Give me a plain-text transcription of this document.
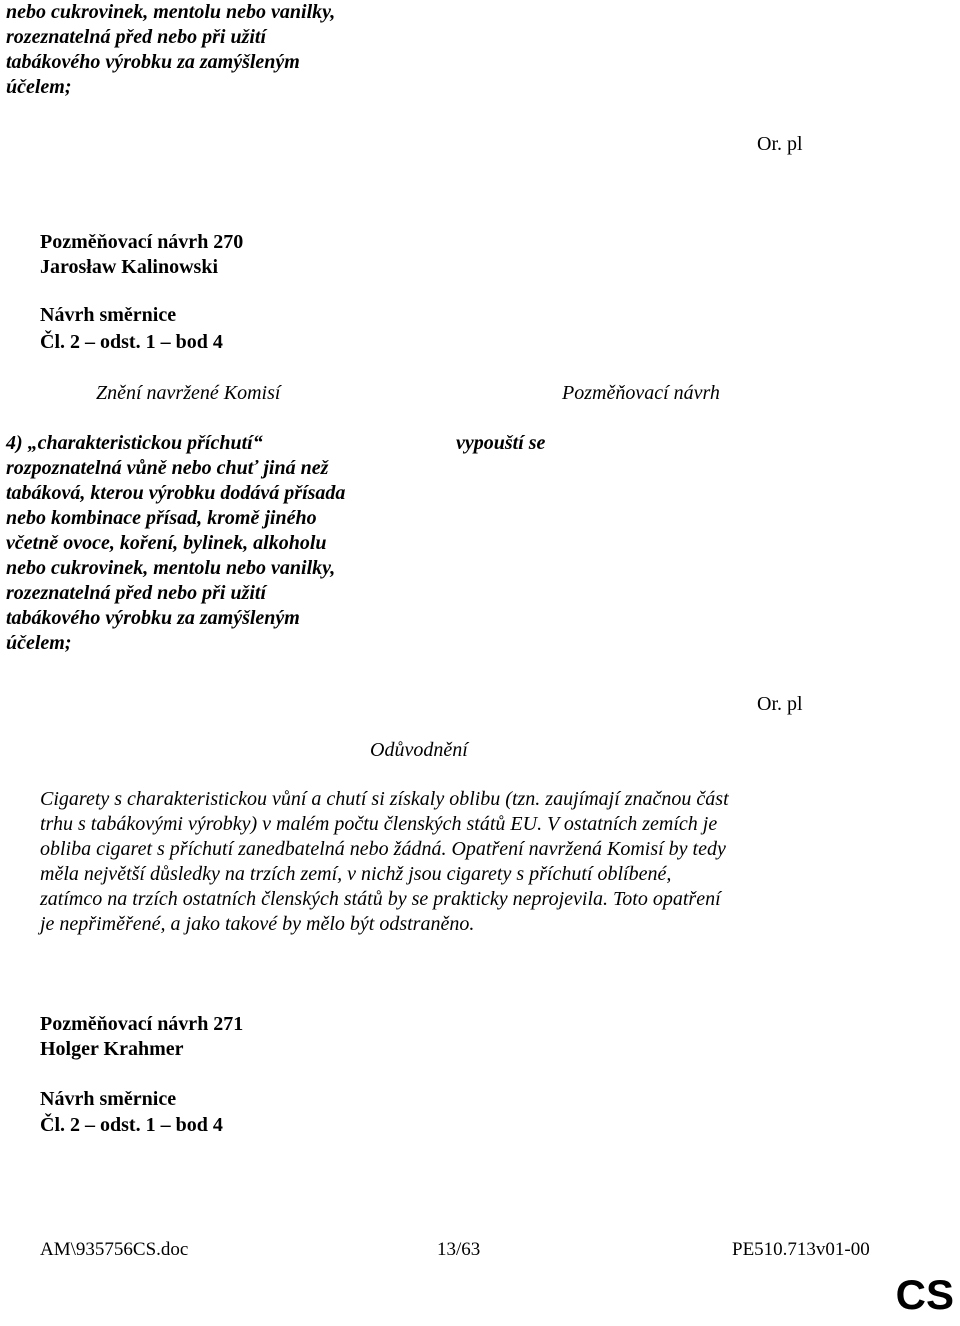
nebo cukrovinek, mentolu nebo vanilky,
rozeznatelná před nebo při užití
tabákového výrobku za zamýšleným
účelem;
Or. pl
Pozměňovací návrh 270
Jarosław Kalinowski
Návrh směrnice
Čl. 2 – odst. 1 – bod 4
Znění navržené Komisí	Pozměňovací návrh
4) „charakteristickou příchutí“
rozpoznatelná vůně nebo chuť jiná než
tabáková, kterou výrobku dodává přísada
nebo kombinace přísad, kromě jiného
včetně ovoce, koření, bylinek, alkoholu
nebo cukrovinek, mentolu nebo vanilky,
rozeznatelná před nebo při užití
tabákového výrobku za zamýšleným
účelem;
vypouští se
Or. pl
Odůvodnění
Cigarety s charakteristickou vůní a chutí si získaly oblibu (tzn. zaujímají značnou část
trhu s tabákovými výrobky) v malém počtu členských států EU. V ostatních zemích je
obliba cigaret s příchutí zanedbatelná nebo žádná. Opatření navržená Komisí by tedy
měla největší důsledky na trzích zemí, v nichž jsou cigarety s příchutí oblíbené,
zatímco na trzích ostatních členských států by se prakticky neprojevila. Toto opatření
je nepřiměřené, a jako takové by mělo být odstraněno.
Pozměňovací návrh 271
Holger Krahmer
Návrh směrnice
Čl. 2 – odst. 1 – bod 4
AM\935756CS.doc	13/63	PE510.713v01-00
CS
